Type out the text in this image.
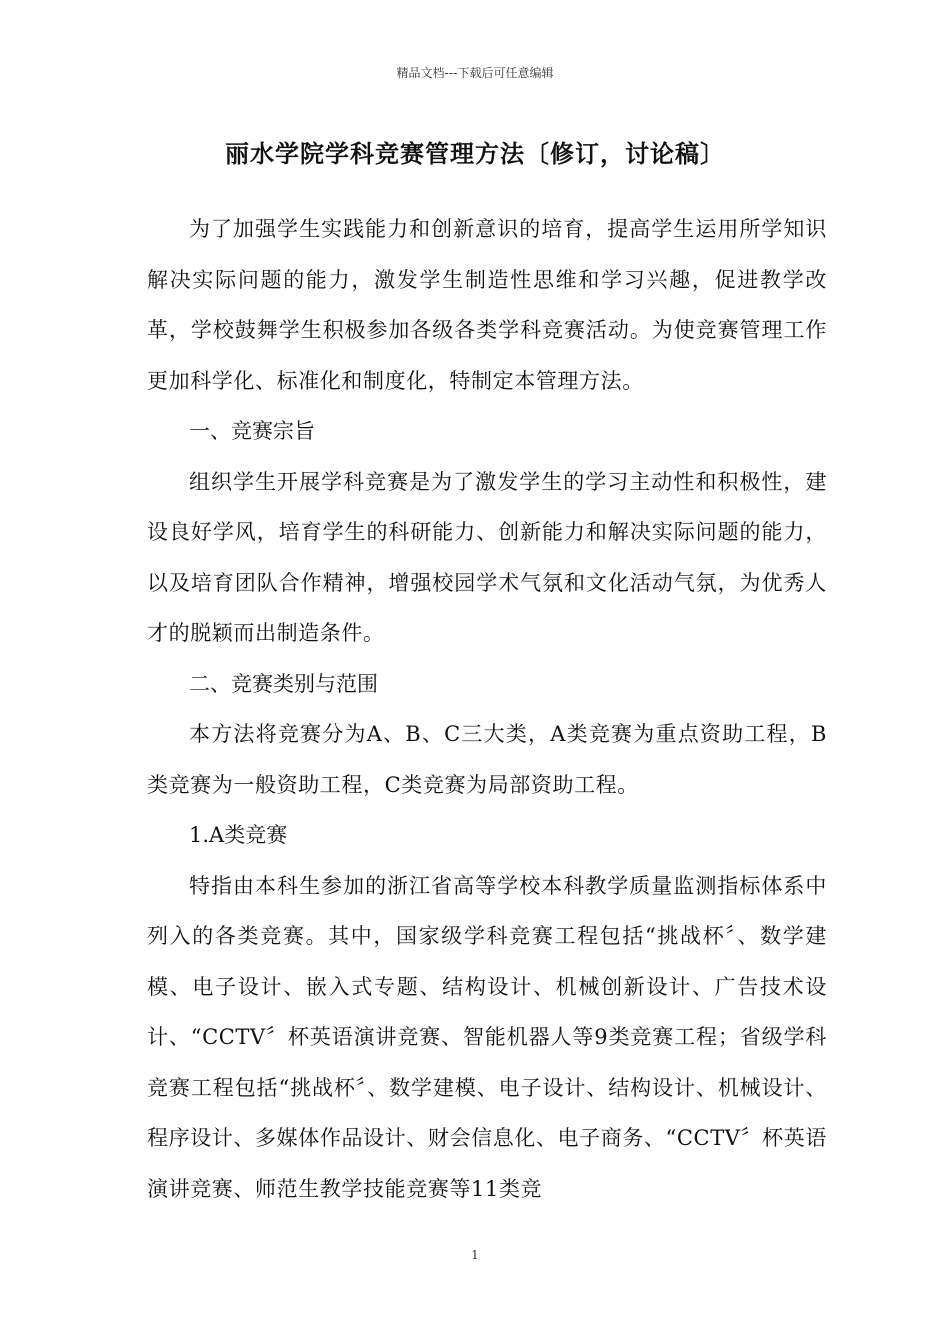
精品文档---下载后可任意编辑
丽水学院学科竞赛管理方法〔修订，讨论稿〕

为了加强学生实践能力和创新意识的培育，提高学生运用所学知识解决实际问题的能力，激发学生制造性思维和学习兴趣，促进教学改革，学校鼓舞学生积极参加各级各类学科竞赛活动。为使竞赛管理工作更加科学化、标准化和制度化，特制定本管理方法。

一、竞赛宗旨

组织学生开展学科竞赛是为了激发学生的学习主动性和积极性，建设良好学风，培育学生的科研能力、创新能力和解决实际问题的能力，以及培育团队合作精神，增强校园学术气氛和文化活动气氛，为优秀人才的脱颖而出制造条件。

二、竞赛类别与范围

本方法将竞赛分为A、B、C三大类，A类竞赛为重点资助工程，B类竞赛为一般资助工程，C类竞赛为局部资助工程。

1.A类竞赛

特指由本科生参加的浙江省高等学校本科教学质量监测指标体系中列入的各类竞赛。其中，国家级学科竞赛工程包括“挑战杯〞、数学建模、电子设计、嵌入式专题、结构设计、机械创新设计、广告技术设计、“CCTV〞杯英语演讲竞赛、智能机器人等9类竞赛工程；省级学科竞赛工程包括“挑战杯〞、数学建模、电子设计、结构设计、机械设计、程序设计、多媒体作品设计、财会信息化、电子商务、“CCTV〞杯英语演讲竞赛、师范生教学技能竞赛等11类竞

1
